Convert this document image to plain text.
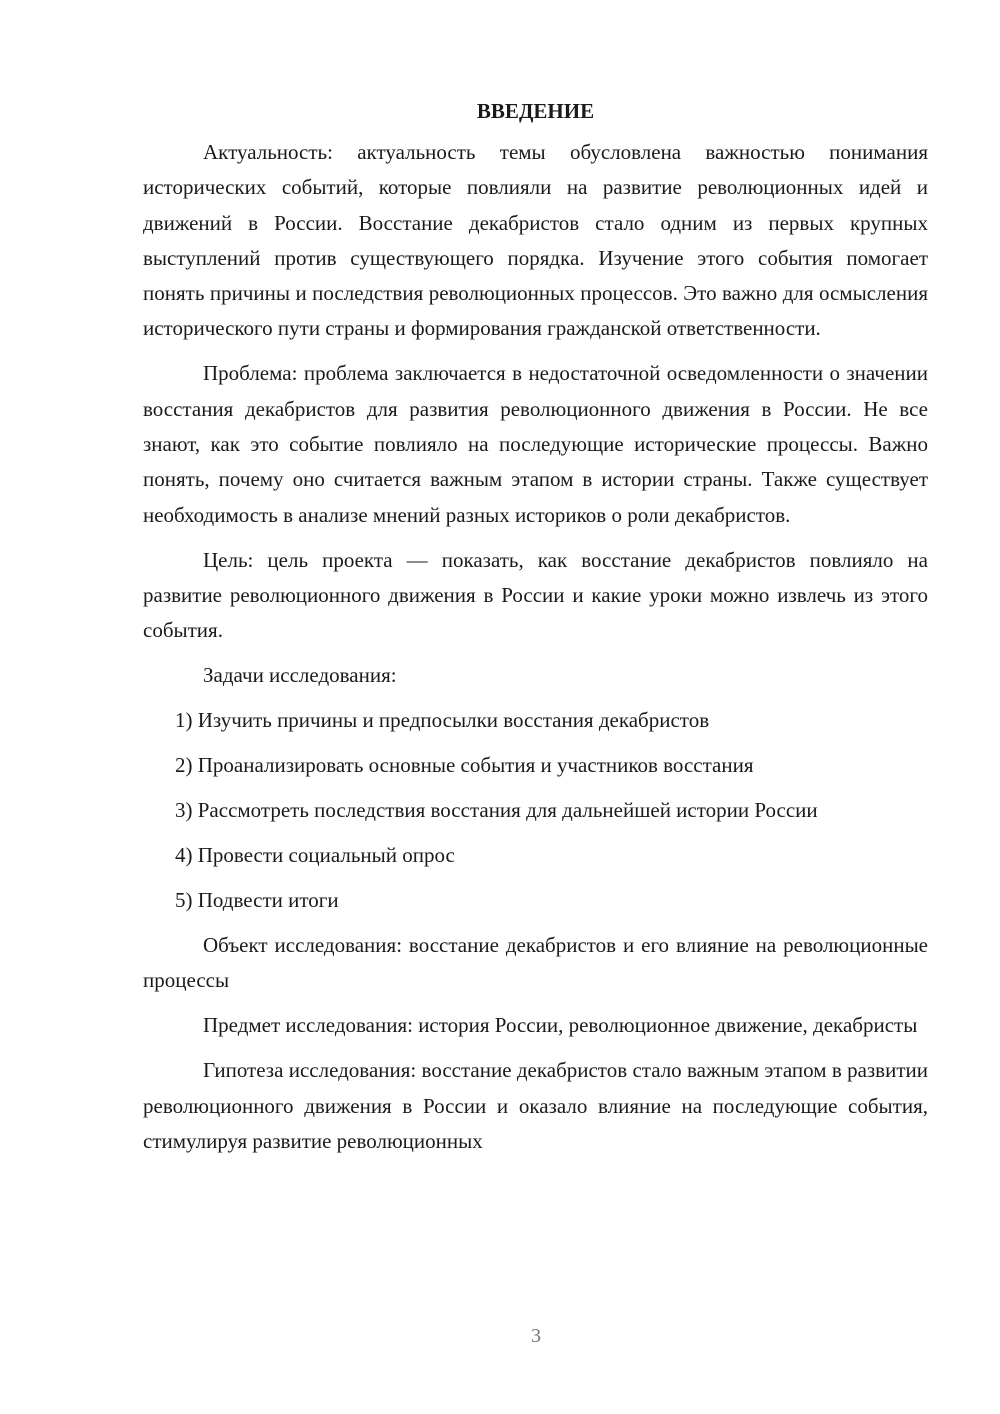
ВВЕДЕНИЕ

Актуальность: актуальность темы обусловлена важностью понимания исторических событий, которые повлияли на развитие революционных идей и движений в России. Восстание декабристов стало одним из первых крупных выступлений против существующего порядка. Изучение этого события помогает понять причины и последствия революционных процессов. Это важно для осмысления исторического пути страны и формирования гражданской ответственности.

Проблема: проблема заключается в недостаточной осведомленности о значении восстания декабристов для развития революционного движения в России. Не все знают, как это событие повлияло на последующие исторические процессы. Важно понять, почему оно считается важным этапом в истории страны. Также существует необходимость в анализе мнений разных историков о роли декабристов.

Цель: цель проекта — показать, как восстание декабристов повлияло на развитие революционного движения в России и какие уроки можно извлечь из этого события.

Задачи исследования:

1) Изучить причины и предпосылки восстания декабристов
2) Проанализировать основные события и участников восстания
3) Рассмотреть последствия восстания для дальнейшей истории России
4) Провести социальный опрос
5) Подвести итоги

Объект исследования: восстание декабристов и его влияние на революционные процессы

Предмет исследования: история России, революционное движение, декабристы

Гипотеза исследования: восстание декабристов стало важным этапом в развитии революционного движения в России и оказало влияние на последующие события, стимулируя развитие революционных

3
